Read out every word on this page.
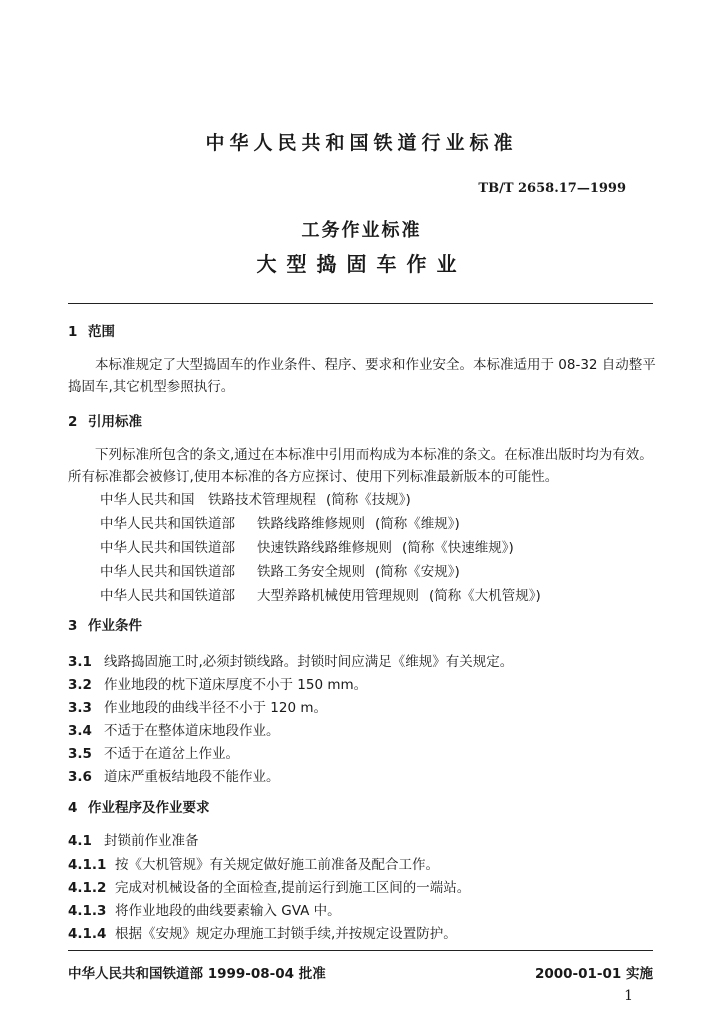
中华人民共和国铁道行业标准
TB/T 2658.17—1999
工务作业标准
大型捣固车作业
1 范围
本标准规定了大型捣固车的作业条件、程序、要求和作业安全。本标准适用于 08-32 自动整平捣固车,其它机型参照执行。
2 引用标准
下列标准所包含的条文,通过在本标准中引用而构成为本标准的条文。在标准出版时均为有效。所有标准都会被修订,使用本标准的各方应探讨、使用下列标准最新版本的可能性。
中华人民共和国 铁路技术管理规程 (简称《技规》)
中华人民共和国铁道部 铁路线路维修规则 (简称《维规》)
中华人民共和国铁道部 快速铁路线路维修规则 (简称《快速维规》)
中华人民共和国铁道部 铁路工务安全规则 (简称《安规》)
中华人民共和国铁道部 大型养路机械使用管理规则 (简称《大机管规》)
3 作业条件
3.1 线路捣固施工时,必须封锁线路。封锁时间应满足《维规》有关规定。
3.2 作业地段的枕下道床厚度不小于 150 mm。
3.3 作业地段的曲线半径不小于 120 m。
3.4 不适于在整体道床地段作业。
3.5 不适于在道岔上作业。
3.6 道床严重板结地段不能作业。
4 作业程序及作业要求
4.1 封锁前作业准备
4.1.1 按《大机管规》有关规定做好施工前准备及配合工作。
4.1.2 完成对机械设备的全面检查,提前运行到施工区间的一端站。
4.1.3 将作业地段的曲线要素输入 GVA 中。
4.1.4 根据《安规》规定办理施工封锁手续,并按规定设置防护。
中华人民共和国铁道部 1999-08-04 批准	2000-01-01 实施
1
